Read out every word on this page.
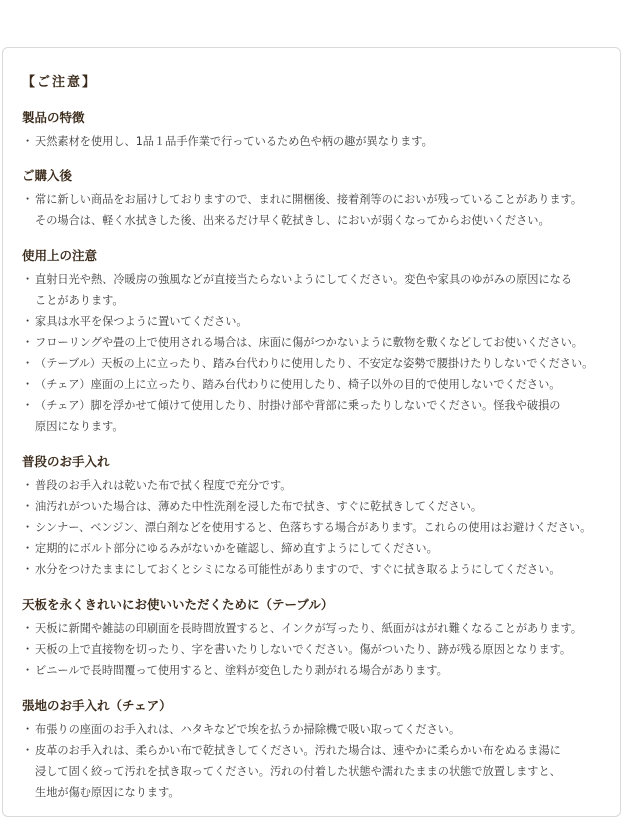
【ご注意】
製品の特徴
・ 天然素材を使用し、1品１品手作業で行っているため色や柄の趣が異なります。
ご購入後
・ 常に新しい商品をお届けしておりますので、まれに開梱後、接着剤等のにおいが残っていることがあります。
その場合は、軽く水拭きした後、出来るだけ早く乾拭きし、においが弱くなってからお使いください。
使用上の注意
・ 直射日光や熱、冷暖房の強風などが直接当たらないようにしてください。変色や家具のゆがみの原因になる
ことがあります。
・ 家具は水平を保つように置いてください。
・ フローリングや畳の上で使用される場合は、床面に傷がつかないように敷物を敷くなどしてお使いください。
・ （テーブル）天板の上に立ったり、踏み台代わりに使用したり、不安定な姿勢で腰掛けたりしないでください。
・ （チェア）座面の上に立ったり、踏み台代わりに使用したり、椅子以外の目的で使用しないでください。
・ （チェア）脚を浮かせて傾けて使用したり、肘掛け部や背部に乗ったりしないでください。怪我や破損の
原因になります。
普段のお手入れ
・ 普段のお手入れは乾いた布で拭く程度で充分です。
・ 油汚れがついた場合は、薄めた中性洗剤を浸した布で拭き、すぐに乾拭きしてください。
・ シンナー、ベンジン、漂白剤などを使用すると、色落ちする場合があります。これらの使用はお避けください。
・ 定期的にボルト部分にゆるみがないかを確認し、締め直すようにしてください。
・ 水分をつけたままにしておくとシミになる可能性がありますので、すぐに拭き取るようにしてください。
天板を永くきれいにお使いいただくために（テーブル）
・ 天板に新聞や雑誌の印刷面を長時間放置すると、インクが写ったり、紙面がはがれ難くなることがあります。
・ 天板の上で直接物を切ったり、字を書いたりしないでください。傷がついたり、跡が残る原因となります。
・ ビニールで長時間覆って使用すると、塗料が変色したり剥がれる場合があります。
張地のお手入れ（チェア）
・ 布張りの座面のお手入れは、ハタキなどで埃を払うか掃除機で吸い取ってください。
・ 皮革のお手入れは、柔らかい布で乾拭きしてください。汚れた場合は、速やかに柔らかい布をぬるま湯に
浸して固く絞って汚れを拭き取ってください。汚れの付着した状態や濡れたままの状態で放置しますと、
生地が傷む原因になります。
